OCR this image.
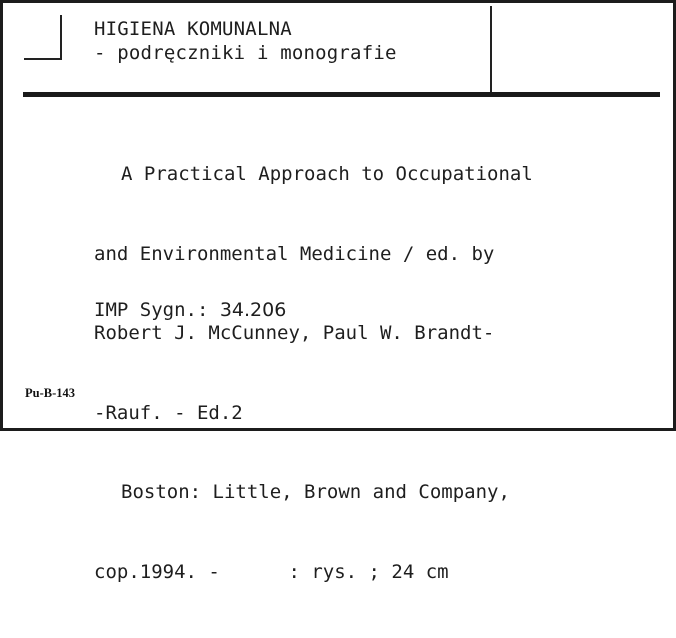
HIGIENA KOMUNALNA
- podręczniki i monografie

A Practical Approach to Occupational

and Environmental Medicine / ed. by

Robert J. McCunney, Paul W. Brandt-

-Rauf. - Ed.2

Boston: Little, Brown and Company,

cop.1994. -      : rys. ; 24 cm

IMP Sygn.: 34.206
Pu-B-143
